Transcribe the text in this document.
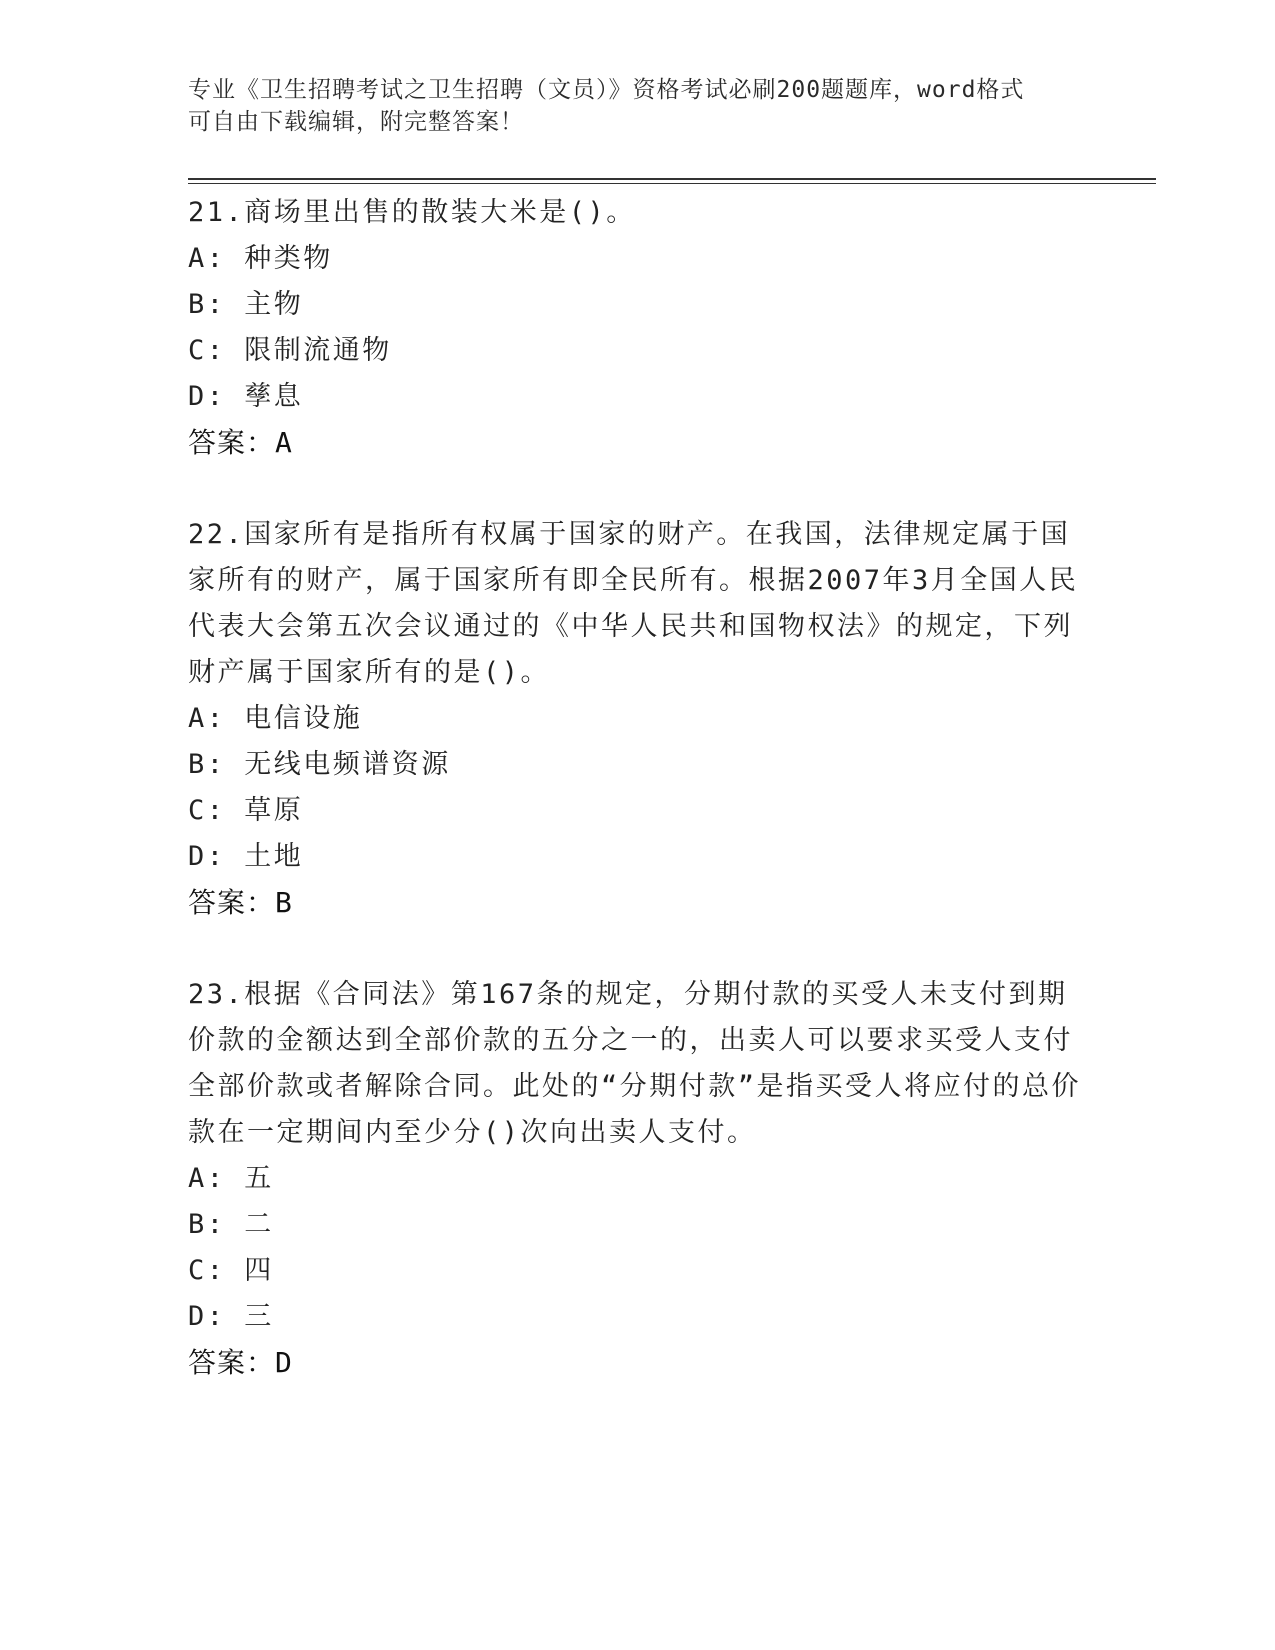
专业《卫生招聘考试之卫生招聘（文员）》资格考试必刷200题题库，word格式
可自由下载编辑，附完整答案！
21.商场里出售的散装大米是()。
A: 种类物
B: 主物
C: 限制流通物
D: 孳息
答案：A
22.国家所有是指所有权属于国家的财产。在我国，法律规定属于国家所有的财产，属于国家所有即全民所有。根据2007年3月全国人民代表大会第五次会议通过的《中华人民共和国物权法》的规定，下列财产属于国家所有的是()。
A: 电信设施
B: 无线电频谱资源
C: 草原
D: 土地
答案：B
23.根据《合同法》第167条的规定，分期付款的买受人未支付到期价款的金额达到全部价款的五分之一的，出卖人可以要求买受人支付全部价款或者解除合同。此处的“分期付款”是指买受人将应付的总价款在一定期间内至少分()次向出卖人支付。
A: 五
B: 二
C: 四
D: 三
答案：D
